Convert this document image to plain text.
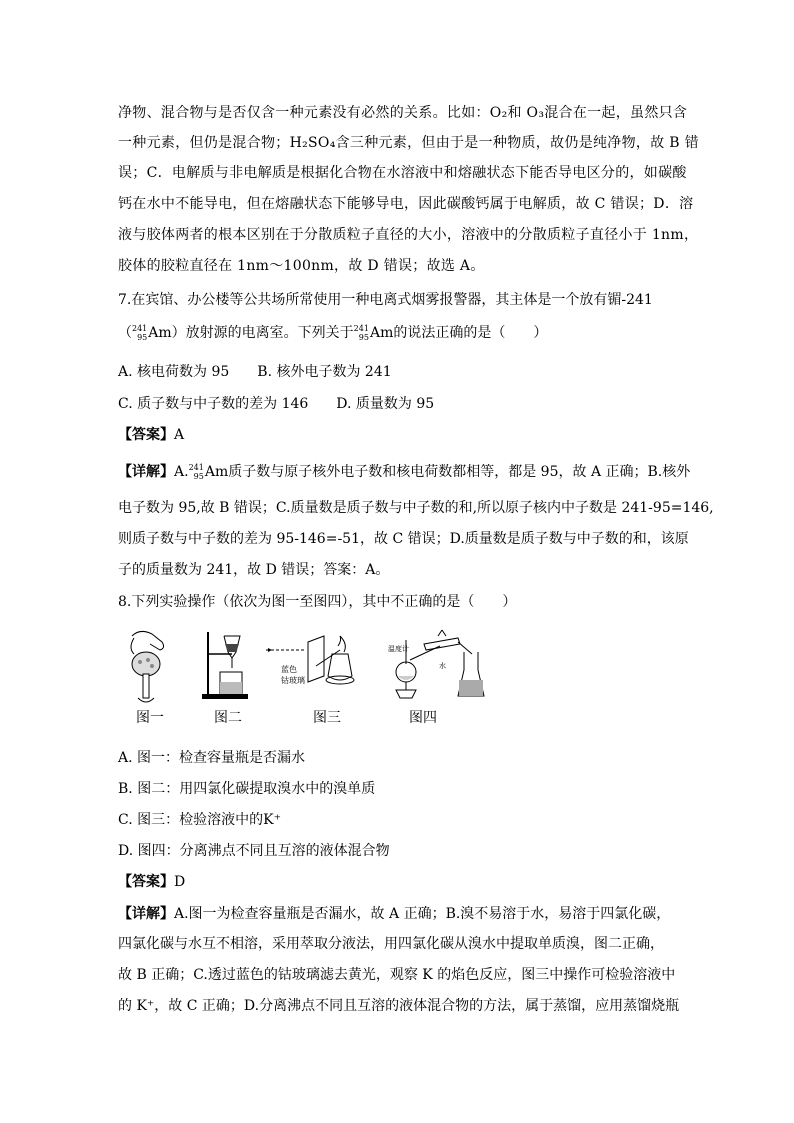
净物、混合物与是否仅含一种元素没有必然的关系。比如：O₂和 O₃混合在一起，虽然只含
一种元素，但仍是混合物；H₂SO₄含三种元素，但由于是一种物质，故仍是纯净物，故 B 错
误；C．电解质与非电解质是根据化合物在水溶液中和熔融状态下能否导电区分的，如碳酸
钙在水中不能导电，但在熔融状态下能够导电，因此碳酸钙属于电解质，故 C 错误；D．溶
液与胶体两者的根本区别在于分散质粒子直径的大小，溶液中的分散质粒子直径小于 1nm，
胶体的胶粒直径在 1nm～100nm，故 D 错误；故选 A。
7.在宾馆、办公楼等公共场所常使用一种电离式烟雾报警器，其主体是一个放有镅-241
（ 241
95 Am）放射源的电离室。下列关于 241
95 Am的说法正确的是（　　）
A. 核电荷数为 95　　B. 核外电子数为 241
C. 质子数与中子数的差为 146　　D. 质量数为 95
【答案】A
【详解】A. 241
95 Am质子数与原子核外电子数和核电荷数都相等，都是 95，故 A 正确；B.核外
电子数为 95,故 B 错误；C.质量数是质子数与中子数的和,所以原子核内中子数是 241-95=146,
则质子数与中子数的差为 95-146=-51，故 C 错误；D.质量数是质子数与中子数的和，该原
子的质量数为 241，故 D 错误；答案：A。
8.下列实验操作（依次为图一至图四），其中不正确的是（　　）
蓝色
钴玻璃
温度计
水
图一	图二	图三	图四
A. 图一：检查容量瓶是否漏水
B. 图二：用四氯化碳提取溴水中的溴单质
C. 图三：检验溶液中的K⁺
D. 图四：分离沸点不同且互溶的液体混合物
【答案】D
【详解】A.图一为检查容量瓶是否漏水，故 A 正确；B.溴不易溶于水，易溶于四氯化碳，
四氯化碳与水互不相溶，采用萃取分液法，用四氯化碳从溴水中提取单质溴，图二正确，
故 B 正确；C.透过蓝色的钴玻璃滤去黄光，观察 K 的焰色反应，图三中操作可检验溶液中
的 K⁺，故 C 正确；D.分离沸点不同且互溶的液体混合物的方法，属于蒸馏，应用蒸馏烧瓶
